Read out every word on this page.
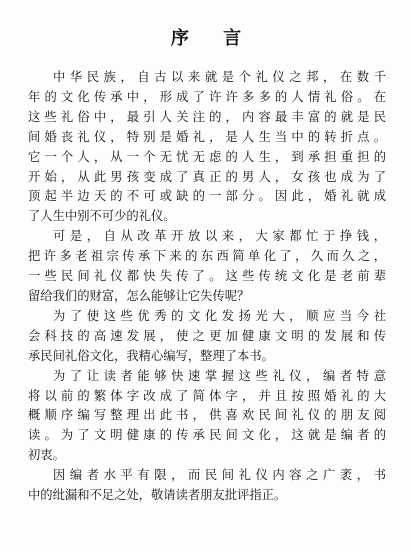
序 言

中华民族，自古以来就是个礼仪之邦，在数千
年的文化传承中，形成了许许多多的人情礼俗。在
这些礼俗中，最引人关注的，内容最丰富的就是民
间婚丧礼仪，特别是婚礼，是人生当中的转折点。
它一个人，从一个无忧无虑的人生，到承担重担的
开始，从此男孩变成了真正的男人，女孩也成为了
顶起半边天的不可或缺的一部分。因此，婚礼就成
了人生中别不可少的礼仪。

可是，自从改革开放以来，大家都忙于挣钱，
把许多老祖宗传承下来的东西简单化了，久而久之，
一些民间礼仪都快失传了。这些传统文化是老前辈
留给我们的财富，怎么能够让它失传呢？

为了使这些优秀的文化发扬光大，顺应当今社
会科技的高速发展，使之更加健康文明的发展和传
承民间礼俗文化，我精心编写，整理了本书。

为了让读者能够快速掌握这些礼仪，编者特意
将以前的繁体字改成了简体字，并且按照婚礼的大
概顺序编写整理出此书，供喜欢民间礼仪的朋友阅
读。为了文明健康的传承民间文化，这就是编者的
初衷。

因编者水平有限，而民间礼仪内容之广袤，书
中的纰漏和不足之处，敬请读者朋友批评指正。
